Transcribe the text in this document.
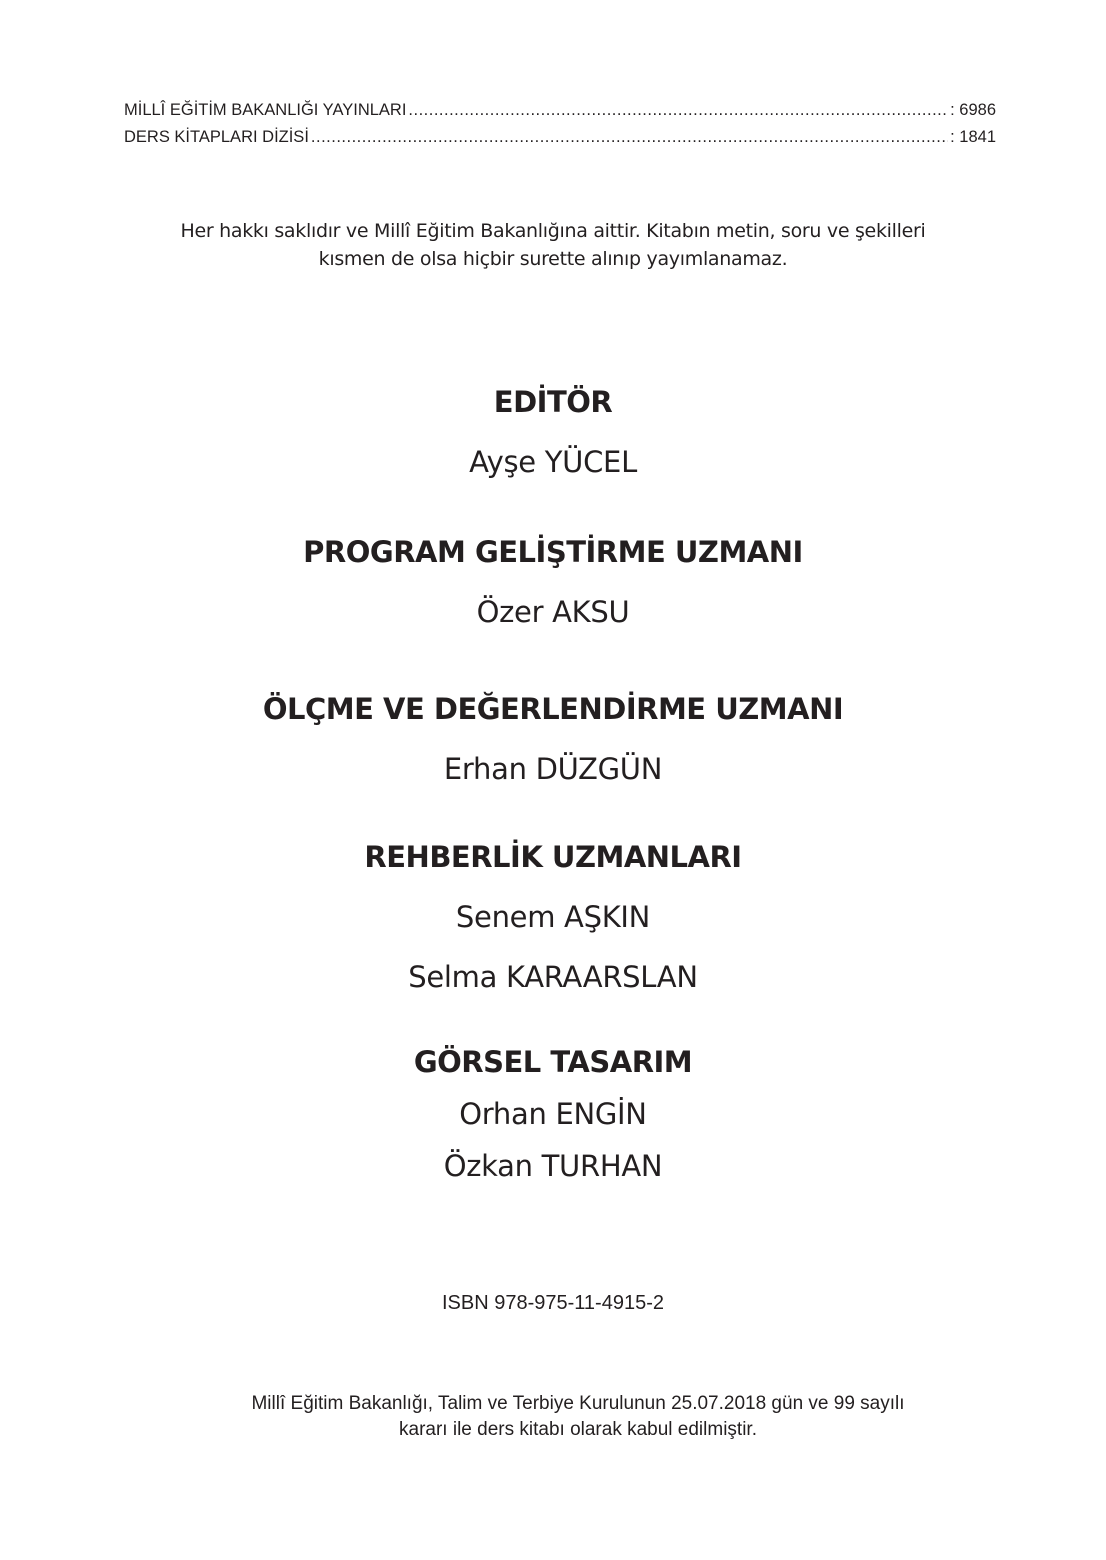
MİLLÎ EĞİTİM BAKANLIĞI YAYINLARI .....	: 6986
DERS KİTAPLARI DİZİSİ .....	: 1841
Her hakkı saklıdır ve Millî Eğitim Bakanlığına aittir. Kitabın metin, soru ve şekilleri
kısmen de olsa hiçbir surette alınıp yayımlanamaz.
EDİTÖR
Ayşe YÜCEL
PROGRAM GELİŞTİRME UZMANI
Özer AKSU
ÖLÇME VE DEĞERLENDİRME UZMANI
Erhan DÜZGÜN
REHBERLİK UZMANLARI
Senem AŞKIN
Selma KARAARSLAN
GÖRSEL TASARIM
Orhan ENGİN
Özkan TURHAN
ISBN 978-975-11-4915-2
Millî Eğitim Bakanlığı, Talim ve Terbiye Kurulunun 25.07.2018 gün ve 99 sayılı
kararı ile ders kitabı olarak kabul edilmiştir.
